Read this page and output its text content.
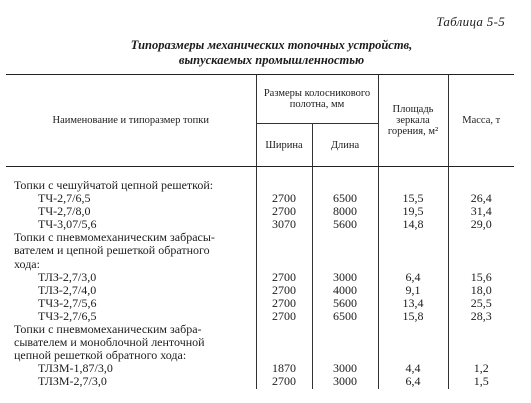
Таблица 5-5
Типоразмеры механических топочных устройств,
выпускаемых промышленностью
Наименование и типоразмер топки	Размеры колосникового полотна, мм		Площадь зеркала горения, м²	Масса, т
	Ширина	Длина		

Топки с чешуйчатой цепной решеткой:				
ТЧ-2,7/6,5	2700	6500	15,5	26,4
ТЧ-2,7/8,0	2700	8000	19,5	31,4
ТЧ-3,07/5,6	3070	5600	14,8	29,0
Топки с пневмомеханическим забрасы-				
вателем и цепной решеткой обратного				
хода:				
ТЛЗ-2,7/3,0	2700	3000	6,4	15,6
ТЛЗ-2,7/4,0	2700	4000	9,1	18,0
ТЧЗ-2,7/5,6	2700	5600	13,4	25,5
ТЧЗ-2,7/6,5	2700	6500	15,8	28,3
Топки с пневмомеханическим забра-				
сывателем и моноблочной ленточной				
цепной решеткой обратного хода:				
ТЛЗМ-1,87/3,0	1870	3000	4,4	1,2
ТЛЗМ-2,7/3,0	2700	3000	6,4	1,5
